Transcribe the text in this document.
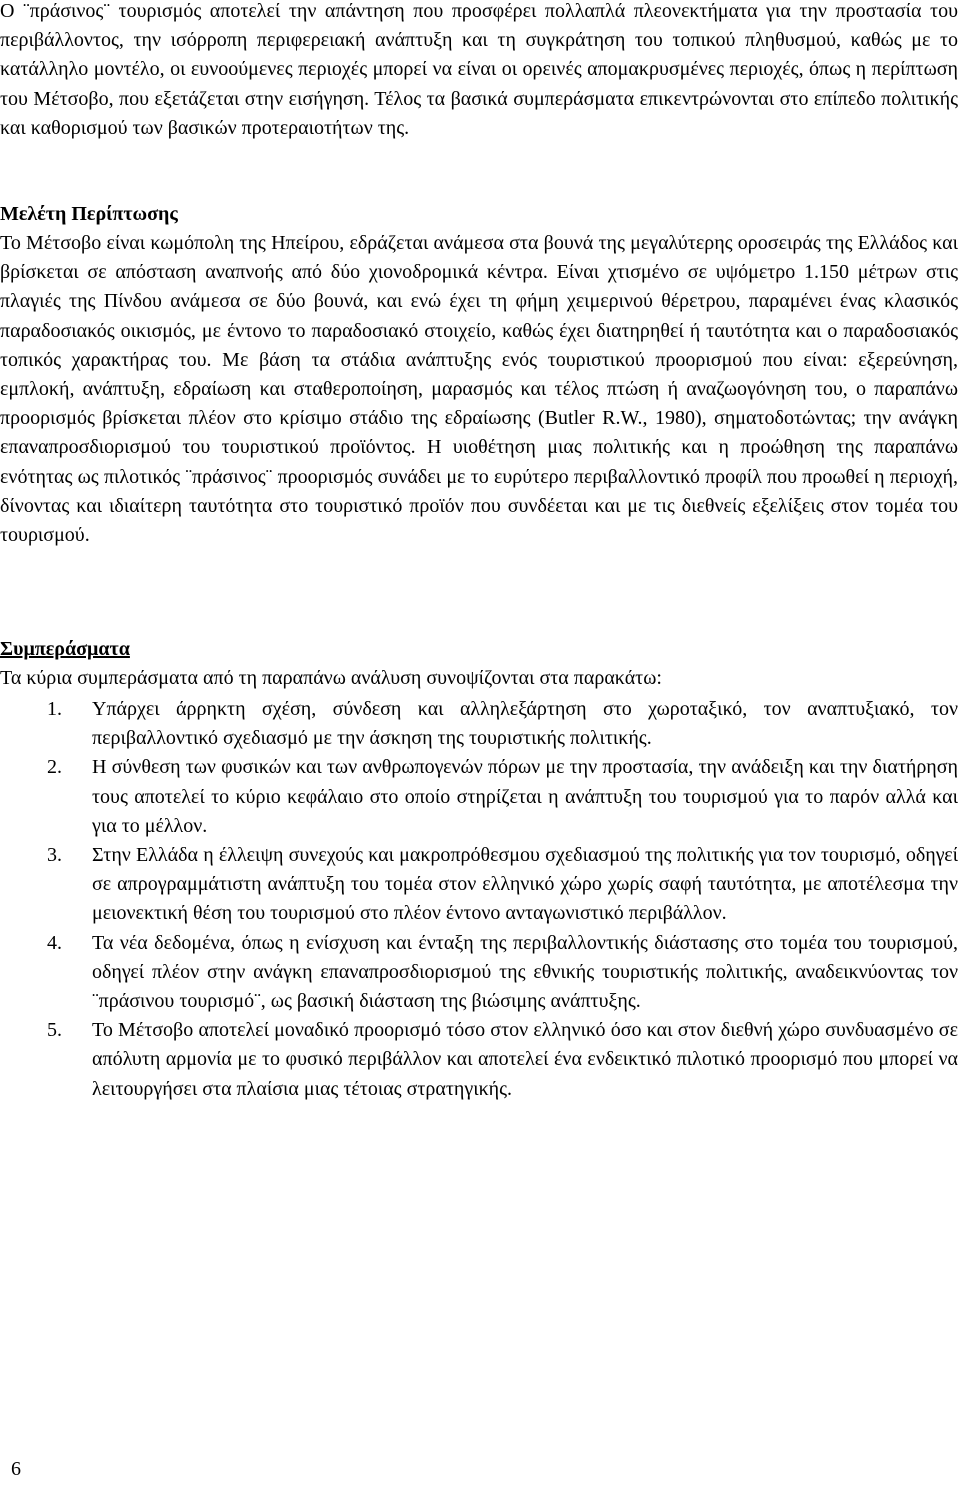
Ο ¨πράσινος¨ τουρισμός αποτελεί την απάντηση που προσφέρει πολλαπλά πλεονεκτήματα για την προστασία του περιβάλλοντος, την ισόρροπη περιφερειακή ανάπτυξη και τη συγκράτηση του τοπικού πληθυσμού, καθώς με το κατάλληλο μοντέλο, οι ευνοούμενες περιοχές μπορεί να είναι οι ορεινές απομακρυσμένες περιοχές, όπως η περίπτωση του Μέτσοβο, που εξετάζεται στην εισήγηση. Τέλος τα βασικά συμπεράσματα επικεντρώνονται στο επίπεδο πολιτικής και καθορισμού των βασικών προτεραιοτήτων της.

Μελέτη Περίπτωσης

Το Μέτσοβο είναι κωμόπολη της Ηπείρου, εδράζεται ανάμεσα στα βουνά της μεγαλύτερης οροσειράς της Ελλάδος και βρίσκεται σε απόσταση αναπνοής από δύο χιονοδρομικά κέντρα. Είναι χτισμένο σε υψόμετρο 1.150 μέτρων στις πλαγιές της Πίνδου ανάμεσα σε δύο βουνά, και ενώ έχει τη φήμη χειμερινού θέρετρου, παραμένει ένας κλασικός παραδοσιακός οικισμός, με έντονο το παραδοσιακό στοιχείο, καθώς έχει διατηρηθεί ή ταυτότητα και ο παραδοσιακός τοπικός χαρακτήρας του. Με βάση τα στάδια ανάπτυξης ενός τουριστικού προορισμού που είναι: εξερεύνηση, εμπλοκή, ανάπτυξη, εδραίωση και σταθεροποίηση, μαρασμός και τέλος πτώση ή αναζωογόνηση του, ο παραπάνω προορισμός βρίσκεται πλέον στο κρίσιμο στάδιο της εδραίωσης (Butler R.W., 1980), σηματοδοτώντας; την ανάγκη επαναπροσδιορισμού του τουριστικού προϊόντος. Η υιοθέτηση μιας πολιτικής και η προώθηση της παραπάνω ενότητας ως πιλοτικός ¨πράσινος¨ προορισμός συνάδει με το ευρύτερο περιβαλλοντικό προφίλ που προωθεί η περιοχή, δίνοντας και ιδιαίτερη ταυτότητα στο τουριστικό προϊόν που συνδέεται και με τις διεθνείς εξελίξεις στον τομέα του τουρισμού.

Συμπεράσματα
Τα κύρια συμπεράσματα από τη παραπάνω ανάλυση συνοψίζονται στα παρακάτω:
1. Υπάρχει άρρηκτη σχέση, σύνδεση και αλληλεξάρτηση στο χωροταξικό, τον αναπτυξιακό, τον περιβαλλοντικό σχεδιασμό με την άσκηση της τουριστικής πολιτικής.
2. Η σύνθεση των φυσικών και των ανθρωπογενών πόρων με την προστασία, την ανάδειξη και την διατήρηση τους αποτελεί το κύριο κεφάλαιο στο οποίο στηρίζεται η ανάπτυξη του τουρισμού για το παρόν αλλά και για το μέλλον.
3. Στην Ελλάδα η έλλειψη συνεχούς και μακροπρόθεσμου σχεδιασμού της πολιτικής για τον τουρισμό, οδηγεί σε απρογραμμάτιστη ανάπτυξη του τομέα στον ελληνικό χώρο χωρίς σαφή ταυτότητα, με αποτέλεσμα την μειονεκτική θέση του τουρισμού στο πλέον έντονο ανταγωνιστικό περιβάλλον.
4. Τα νέα δεδομένα, όπως η ενίσχυση και ένταξη της περιβαλλοντικής διάστασης στο τομέα του τουρισμού, οδηγεί πλέον στην ανάγκη επαναπροσδιορισμού της εθνικής τουριστικής πολιτικής, αναδεικνύοντας τον ¨πράσινου τουρισμό¨, ως βασική διάσταση της βιώσιμης ανάπτυξης.
5. Το Μέτσοβο αποτελεί μοναδικό προορισμό τόσο στον ελληνικό όσο και στον διεθνή χώρο συνδυασμένο σε απόλυτη αρμονία με το φυσικό περιβάλλον και αποτελεί ένα ενδεικτικό πιλοτικό προορισμό που μπορεί να λειτουργήσει στα πλαίσια μιας τέτοιας στρατηγικής.
6
